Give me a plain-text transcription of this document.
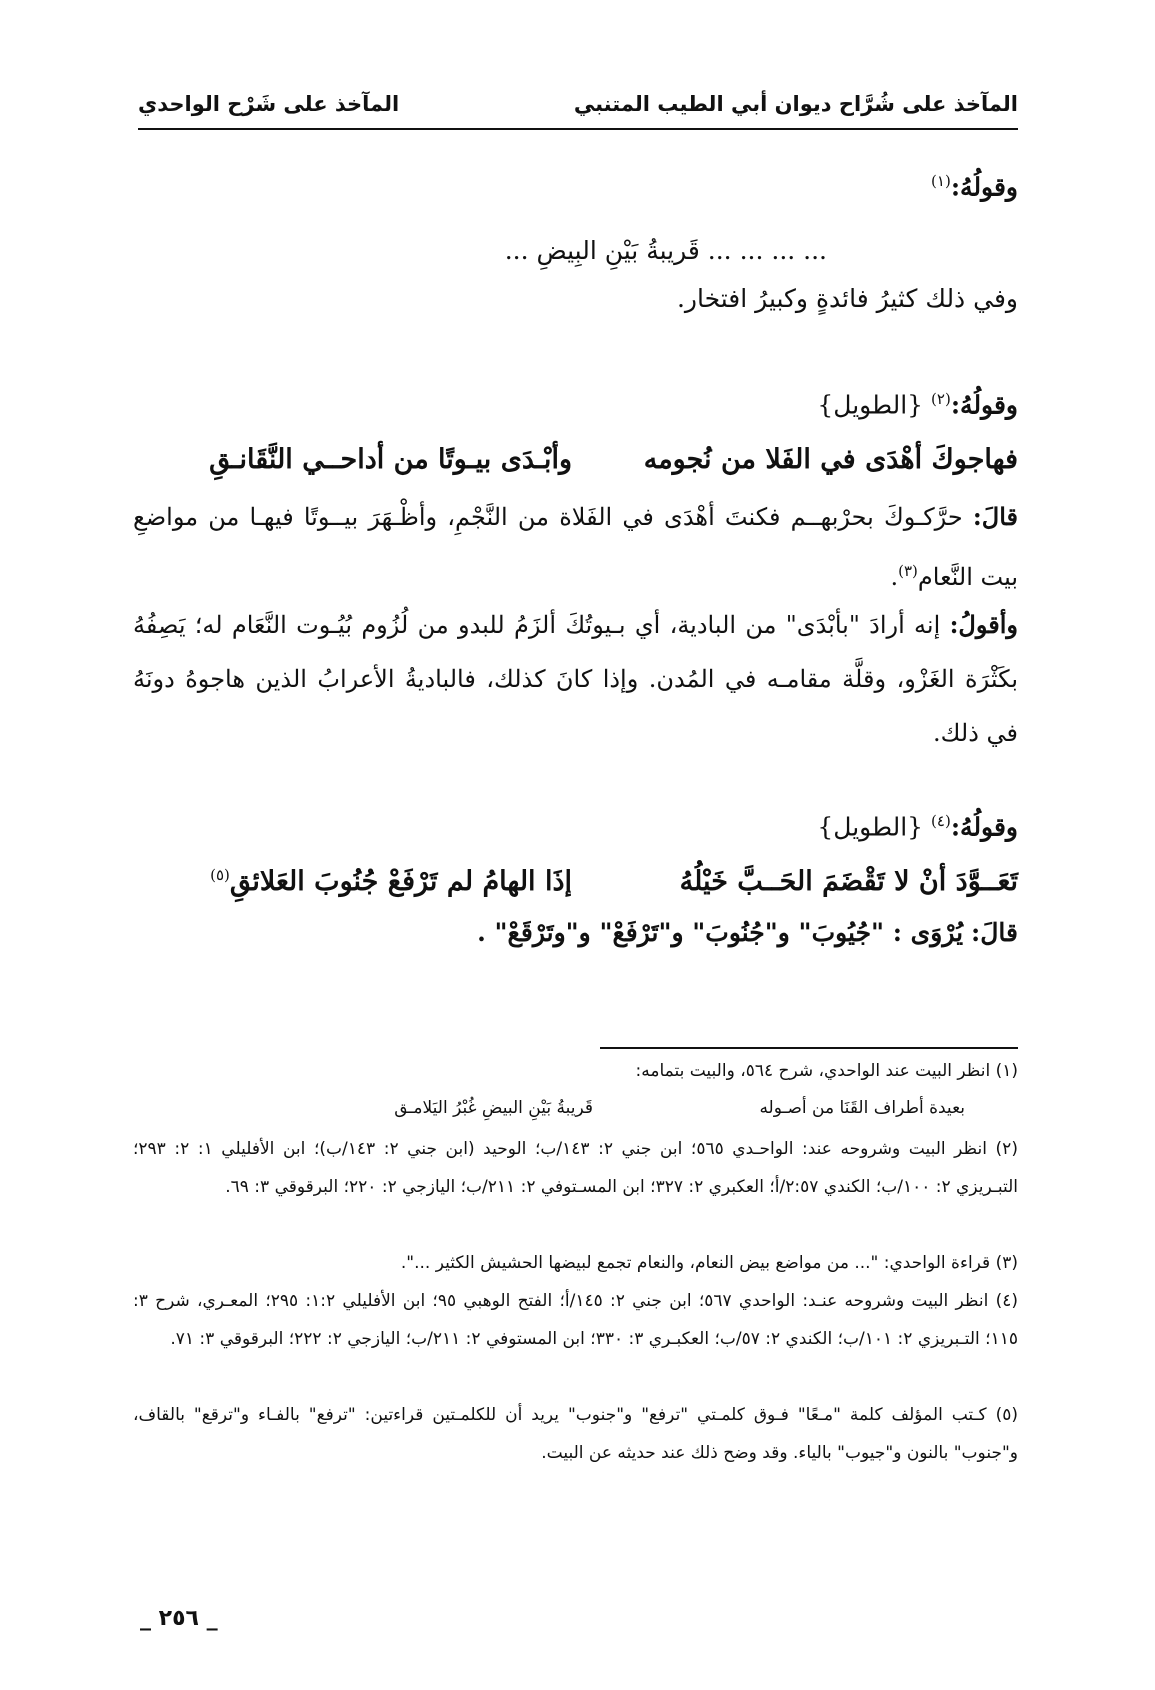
المآخذ على شُرَّاح ديوان أبي الطيب المتنبي
المآخذ على شَرْح الواحدي
وقولُهُ:$^{(١)}$
... ... ... ... قَريبةُ بَيْنِ البِيضِ ...
وفي ذلك كثيرُ فائدةٍ وكبيرُ افتخار.
وقولُهُ:$^{(٢)}$ {الطويل}
فهاجوكَ أهْدَى في الفَلا من نُجومه
وأبْـدَى بيـوتًا من أداحــي النَّقَانـقِ
قالَ: حرَّكـوكَ بحرْبهــم فكنتَ أهْدَى في الفَلاة من النَّجْمِ، وأظْـهَرَ بيــوتًا فيهـا من مواضعِ بيت النَّعام$^{(٣)}$.
وأقولُ: إنه أرادَ "بأبْدَى" من البادية، أي بـيوتُكَ ألزَمُ للبدو من لُزُوم بُيُـوت النَّعَام له؛ يَصِفُهُ بكَثْرَة الغَزْو، وقلَّة مقامـه في المُدن. وإذا كانَ كذلك، فالباديةُ الأعرابُ الذين هاجوهُ دونَهُ في ذلك.
وقولُهُ:$^{(٤)}$ {الطويل}
تَعَــوَّدَ أنْ لا تَقْضَمَ الحَــبَّ خَيْلُهُ
إذَا الهامُ لم تَرْفَعْ جُنُوبَ العَلائقِ$^{(٥)}$
قالَ: يُرْوَى : "جُيُوبَ" و"جُنُوبَ" و"تَرْفَعْ" و"وتَرْقَعْ" .
(١) انظر البيت عند الواحدي، شرح ٥٦٤، والبيت بتمامه:
بعيدة أطراف القَنَا من أصـوله
قَريبةُ بَيْنِ البيضِ غُبْرُ اليَلامـق
(٢) انظر البيت وشروحه عند: الواحـدي ٥٦٥؛ ابن جني ٢: ١٤٣/ب؛ الوحيد (ابن جني ٢: ١٤٣/ب)؛ ابن الأفليلي ١: ٢: ٢٩٣؛ التبـريزي ٢: ١٠٠/ب؛ الكندي ٢:٥٧/أ؛ العكبري ٢: ٣٢٧؛ ابن المسـتوفي ٢: ٢١١/ب؛ اليازجي ٢: ٢٢٠؛ البرقوقي ٣: ٦٩.
(٣) قراءة الواحدي: "... من مواضع بيض النعام، والنعام تجمع لبيضها الحشيش الكثير ...".
(٤) انظر البيت وشروحه عنـد: الواحدي ٥٦٧؛ ابن جني ٢: ١٤٥/أ؛ الفتح الوهبي ٩٥؛ ابن الأفليلي ١:٢: ٢٩٥؛ المعـري، شرح ٣: ١١٥؛ التـبريزي ٢: ١٠١/ب؛ الكندي ٢: ٥٧/ب؛ العكبـري ٣: ٣٣٠؛ ابن المستوفي ٢: ٢١١/ب؛ اليازجي ٢: ٢٢٢؛ البرقوقي ٣: ٧١.
(٥) كـتب المؤلف كلمة "مـعًا" فـوق كلمـتي "ترفع" و"جنوب" يريد أن للكلمـتين قراءتين: "ترفع" بالفـاء و"ترقع" بالقاف، و"جنوب" بالنون و"جيوب" بالياء. وقد وضح ذلك عند حديثه عن البيت.
_ ٢٥٦ _
